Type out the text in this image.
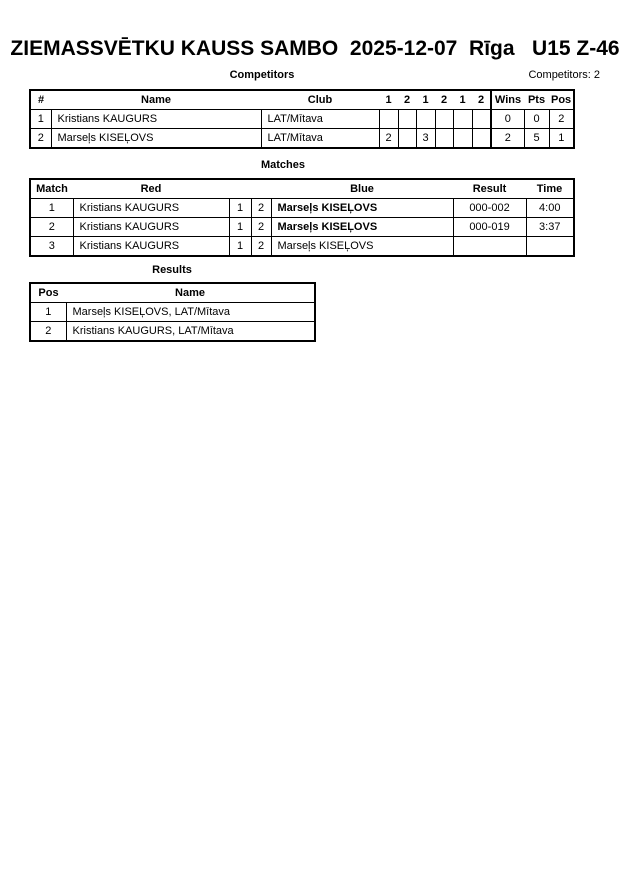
ZIEMASSVĒTKU KAUSS SAMBO  2025-12-07  Rīga   U15 Z-46
Competitors	Competitors: 2
#	Name	Club	1	2	1	2	1	2	Wins	Pts	Pos
1	Kristians KAUGURS	LAT/Mītava							0	0	2
2	Marseļs KISEĻOVS	LAT/Mītava	2		3				2	5	1
Matches
Match	Red			Blue	Result	Time
1	Kristians KAUGURS	1	2	Marseļs KISEĻOVS	000-002	4:00
2	Kristians KAUGURS	1	2	Marseļs KISEĻOVS	000-019	3:37
3	Kristians KAUGURS	1	2	Marseļs KISEĻOVS		
Results
Pos	Name
1	Marseļs KISEĻOVS, LAT/Mītava
2	Kristians KAUGURS, LAT/Mītava
